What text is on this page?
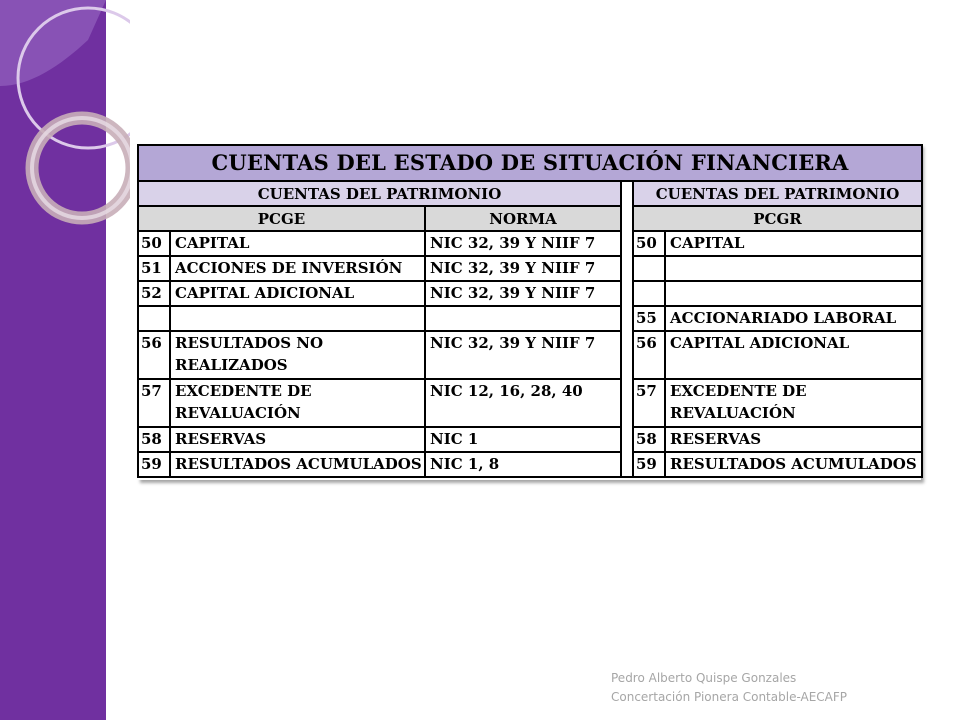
CUENTAS DEL ESTADO DE SITUACIÓN FINANCIERA					
CUENTAS DEL PATRIMONIO				CUENTAS DEL PATRIMONIO	
PCGE		NORMA		PCGR	
50	CAPITAL	NIC 32, 39 Y NIIF 7		50	CAPITAL
51	ACCIONES DE INVERSIÓN	NIC 32, 39 Y NIIF 7			
52	CAPITAL ADICIONAL	NIC 32, 39 Y NIIF 7			
				55	ACCIONARIADO LABORAL
56	RESULTADOS NO REALIZADOS	NIC 32, 39 Y NIIF 7		56	CAPITAL ADICIONAL
57	EXCEDENTE DE REVALUACIÓN	NIC 12, 16, 28, 40		57	EXCEDENTE DE REVALUACIÓN
58	RESERVAS	NIC 1		58	RESERVAS
59	RESULTADOS ACUMULADOS	NIC 1, 8		59	RESULTADOS ACUMULADOS
Pedro Alberto Quispe Gonzales
Concertación Pionera Contable-AECAFP
